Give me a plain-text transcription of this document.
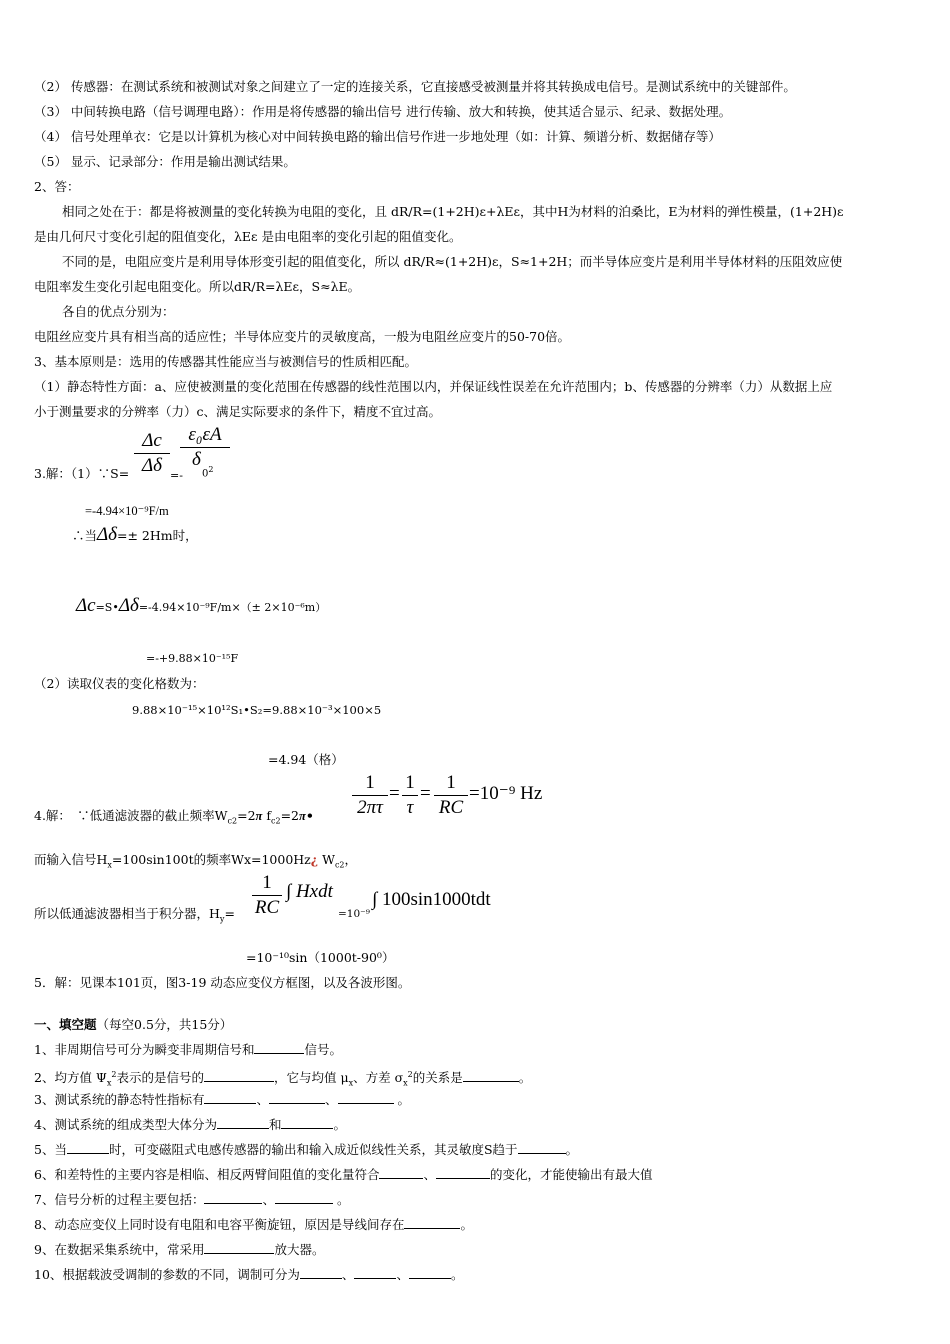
（2） 传感器：在测试系统和被测试对象之间建立了一定的连接关系，它直接感受被测量并将其转换成电信号。是测试系统中的关键部件。
（3） 中间转换电路（信号调理电路）：作用是将传感器的输出信号 进行传输、放大和转换，使其适合显示、纪录、数据处理。
（4） 信号处理单衣：它是以计算机为核心对中间转换电路的输出信号作进一步地处理（如：计算、频谱分析、数据储存等）
（5） 显示、记录部分：作用是输出测试结果。
2、答：
相同之处在于：都是将被测量的变化转换为电阻的变化，且 dR/R=(1+2H)ε+λEε，其中H为材料的泊桑比，E为材料的弹性模量，(1+2H)ε
是由几何尺寸变化引起的阻值变化，λEε 是由电阻率的变化引起的阻值变化。
不同的是，电阻应变片是利用导体形变引起的阻值变化，所以 dR/R≈(1+2H)ε，S≈1+2H；而半导体应变片是利用半导体材料的压阻效应使
电阻率发生变化引起电阻变化。所以dR/R=λEε，S≈λE。
各自的优点分别为：
电阻丝应变片具有相当高的适应性；半导体应变片的灵敏度高，一般为电阻丝应变片的50-70倍。
3、基本原则是：选用的传感器其性能应当与被测信号的性质相匹配。
（1）静态特性方面：a、应使被测量的变化范围在传感器的线性范围以内，并保证线性误差在允许范围内；b、传感器的分辨率（力）从数据上应
小于测量要求的分辨率（力）c、满足实际要求的条件下，精度不宜过高。
3.解：（1）∵S=
Δc
Δδ =-
ε₀εA
δ
$0^2$
=-4.94×10⁻⁹F/m
∴当Δδ=± 2Hm时，
Δc=S•Δδ=-4.94×10⁻⁹F/m×（± 2×10⁻⁶m）
=-+9.88×10⁻¹⁵F
（2）读取仪表的变化格数为：
9.88×10⁻¹⁵×10¹²S₁•S₂=9.88×10⁻³×100×5
=4.94（格）
4.解：　∵低通滤波器的截止频率$W_{c2}=2\pi$ $f_{c2}=2\pi•$
1
2πτ
=
1
τ
=
1
RC
=10⁻⁹ Hz
而输入信号$H_x=100\sin 100t$的频率Wx=1000Hz¿ $W_{c2}$，
所以低通滤波器相当于积分器，$H_y=$
1
RC
∫ Hxdt
=10⁻⁹
∫ 100sin1000tdt
=10⁻¹⁰sin（1000t-90⁰）
5．解：见课本101页，图3-19 动态应变仪方框图，以及各波形图。
一、填空题（每空0.5分，共15分）
1、非周期信号可分为瞬变非周期信号和	信号。
2、均方值 $\Psi_x^2$表示的是信号的	，它与均值 $\mu_x$、方差 $\sigma_x^2$的关系是	。
3、测试系统的静态特性指标有	、	、	。
4、测试系统的组成类型大体分为	和	。
5、当	时，可变磁阻式电感传感器的输出和输入成近似线性关系，其灵敏度S趋于	。
6、和差特性的主要内容是相临、相反两臂间阻值的变化量符合	、	的变化，才能使输出有最大值
7、信号分析的过程主要包括：	、	。
8、动态应变仪上同时设有电阻和电容平衡旋钮，原因是导线间存在	。
9、在数据采集系统中，常采用	放大器。
10、根据载波受调制的参数的不同，调制可分为	、	、	。
